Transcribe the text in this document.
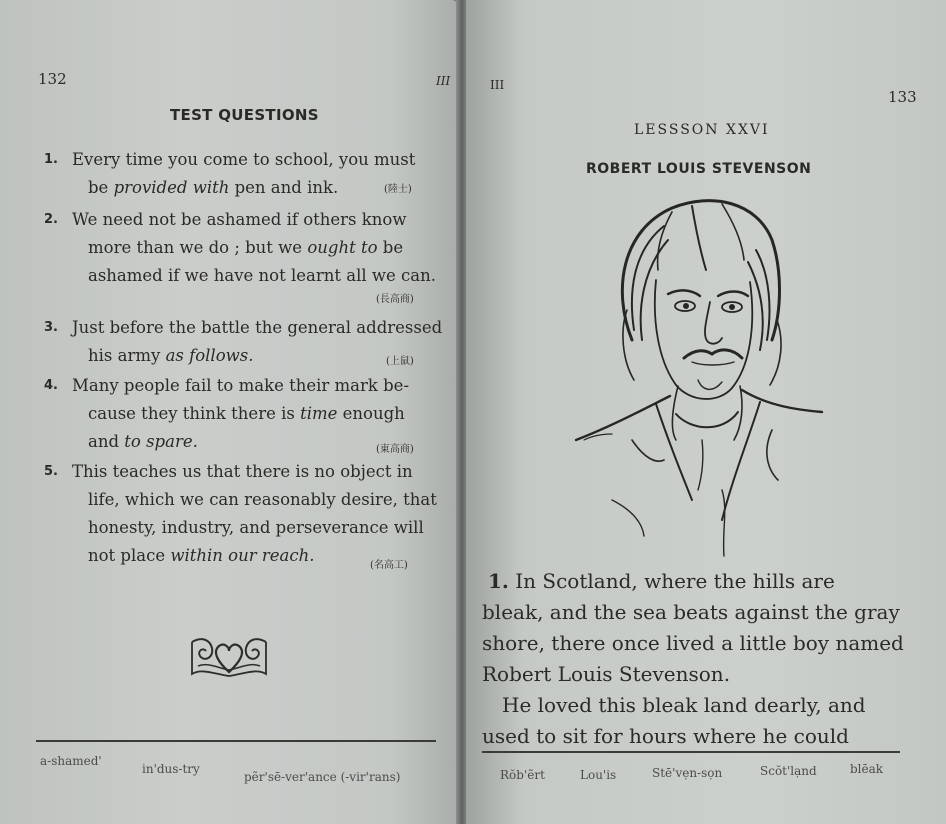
132	III
TEST QUESTIONS
1. Every time you come to school, you must
be provided with pen and ink.	(陸士)
2. We need not be ashamed if others know
more than we do ; but we ought to be
ashamed if we have not learnt all we can.
(長高商)
3. Just before the battle the general addressed
his army as follows.	(上鼠)
4. Many people fail to make their mark be-
cause they think there is time enough
and to spare.	(東高商)
5. This teaches us that there is no object in
life, which we can reasonably desire, that
honesty, industry, and perseverance will
not place within our reach.
(名高工)
a-shamed'
in'dus-try
pẽr'sē-ver'ance (-vir'rans)
III
133
LESSSON XXVI
ROBERT LOUIS STEVENSON
1. In Scotland, where the hills are
bleak, and the sea beats against the gray
shore, there once lived a little boy named
Robert Louis Stevenson.
He loved this bleak land dearly, and
used to sit for hours where he could
Rŏb'ẽrt	Lou'is	Stē'vẹn-sọn	Scŏt'lạnd	blēak
